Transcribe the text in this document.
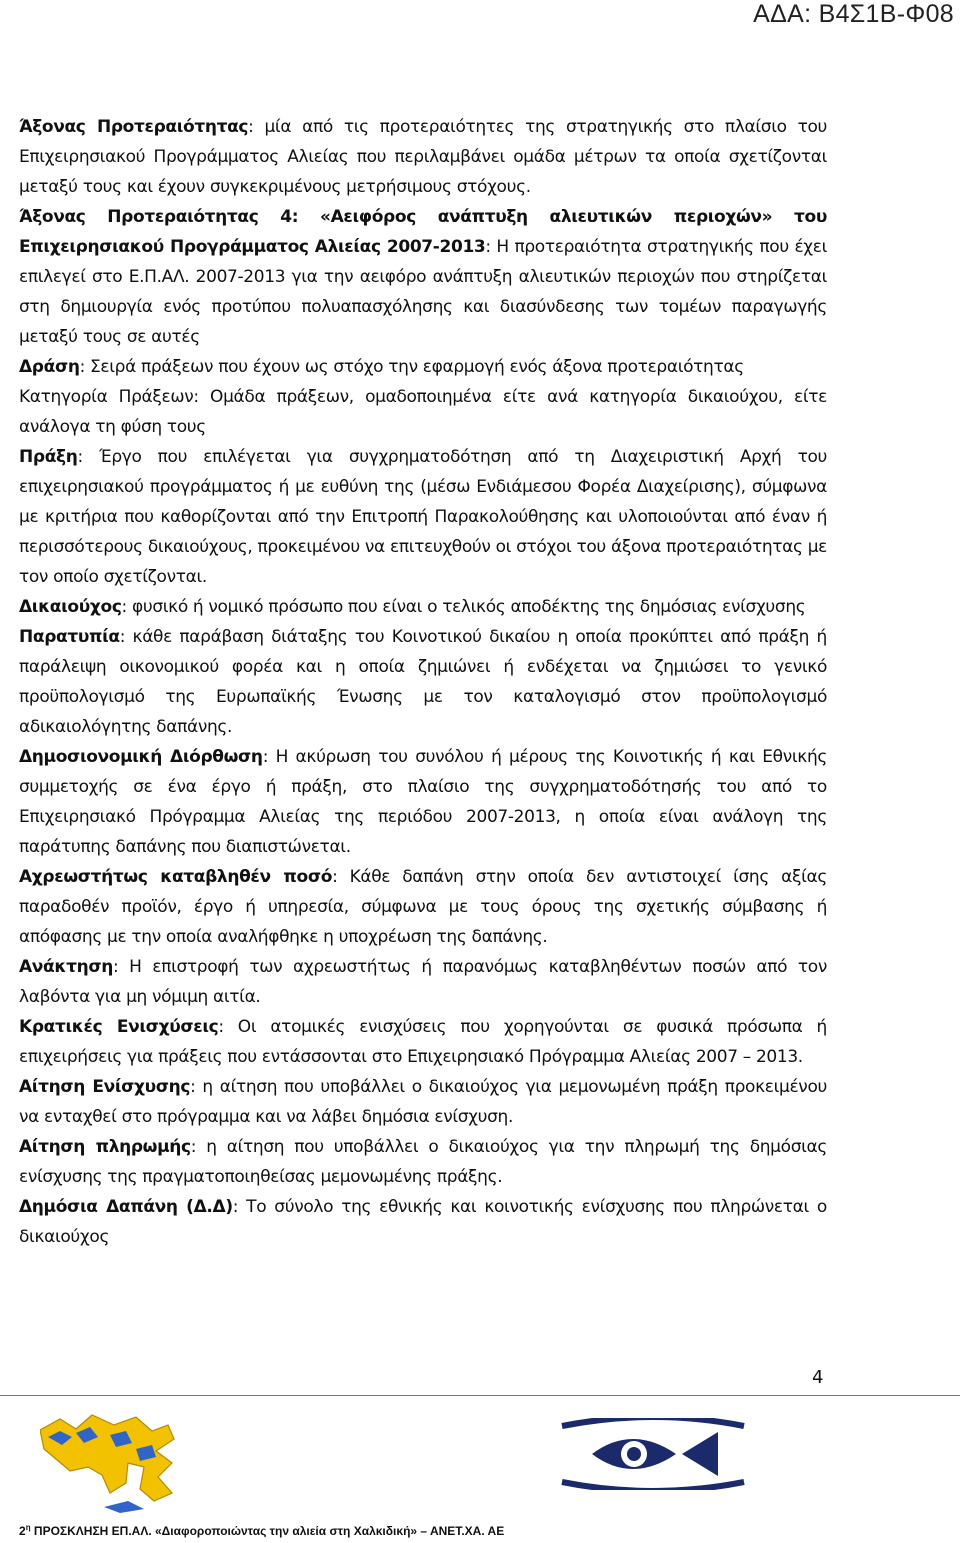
ΑΔΑ: Β4Σ1Β-Φ08

Άξονας Προτεραιότητας: μία από τις προτεραιότητες της στρατηγικής στο πλαίσιο του Επιχειρησιακού Προγράμματος Αλιείας που περιλαμβάνει ομάδα μέτρων τα οποία σχετίζονται μεταξύ τους και έχουν συγκεκριμένους μετρήσιμους στόχους.

Άξονας Προτεραιότητας 4: «Αειφόρος ανάπτυξη αλιευτικών περιοχών» του Επιχειρησιακού Προγράμματος Αλιείας 2007-2013: Η προτεραιότητα στρατηγικής που έχει επιλεγεί στο Ε.Π.ΑΛ. 2007-2013 για την αειφόρο ανάπτυξη αλιευτικών περιοχών που στηρίζεται στη δημιουργία ενός προτύπου πολυαπασχόλησης και διασύνδεσης των τομέων παραγωγής μεταξύ τους σε αυτές

Δράση: Σειρά πράξεων που έχουν ως στόχο την εφαρμογή ενός άξονα προτεραιότητας

Κατηγορία Πράξεων: Ομάδα πράξεων, ομαδοποιημένα είτε ανά κατηγορία δικαιούχου, είτε ανάλογα τη φύση τους

Πράξη: Έργο που επιλέγεται για συγχρηματοδότηση από τη Διαχειριστική Αρχή του επιχειρησιακού προγράμματος ή με ευθύνη της (μέσω Ενδιάμεσου Φορέα Διαχείρισης), σύμφωνα με κριτήρια που καθορίζονται από την Επιτροπή Παρακολούθησης και υλοποιούνται από έναν ή περισσότερους δικαιούχους, προκειμένου να επιτευχθούν οι στόχοι του άξονα προτεραιότητας με τον οποίο σχετίζονται.

Δικαιούχος: φυσικό ή νομικό πρόσωπο που είναι ο τελικός αποδέκτης της δημόσιας ενίσχυσης

Παρατυπία: κάθε παράβαση διάταξης του Κοινοτικού δικαίου η οποία προκύπτει από πράξη ή παράλειψη οικονομικού φορέα και η οποία ζημιώνει ή ενδέχεται να ζημιώσει το γενικό προϋπολογισμό της Ευρωπαϊκής Ένωσης με τον καταλογισμό στον προϋπολογισμό αδικαιολόγητης δαπάνης.

Δημοσιονομική Διόρθωση: Η ακύρωση του συνόλου ή μέρους της Κοινοτικής ή και Εθνικής συμμετοχής σε ένα έργο ή πράξη, στο πλαίσιο της συγχρηματοδότησής του από το Επιχειρησιακό Πρόγραμμα Αλιείας της περιόδου 2007-2013, η οποία είναι ανάλογη της παράτυπης δαπάνης που διαπιστώνεται.

Αχρεωστήτως καταβληθέν ποσό: Κάθε δαπάνη στην οποία δεν αντιστοιχεί ίσης αξίας παραδοθέν προϊόν, έργο ή υπηρεσία, σύμφωνα με τους όρους της σχετικής σύμβασης ή απόφασης με την οποία αναλήφθηκε η υποχρέωση της δαπάνης.

Ανάκτηση: Η επιστροφή των αχρεωστήτως ή παρανόμως καταβληθέντων ποσών από τον λαβόντα για μη νόμιμη αιτία.

Κρατικές Ενισχύσεις: Οι ατομικές ενισχύσεις που χορηγούνται σε φυσικά πρόσωπα ή επιχειρήσεις για πράξεις που εντάσσονται στο Επιχειρησιακό Πρόγραμμα Αλιείας 2007 – 2013.

Αίτηση Ενίσχυσης: η αίτηση που υποβάλλει ο δικαιούχος για μεμονωμένη πράξη προκειμένου να ενταχθεί στο πρόγραμμα και να λάβει δημόσια ενίσχυση.

Αίτηση πληρωμής: η αίτηση που υποβάλλει ο δικαιούχος για την πληρωμή της δημόσιας ενίσχυσης της πραγματοποιηθείσας μεμονωμένης πράξης.

Δημόσια Δαπάνη (Δ.Δ): Το σύνολο της εθνικής και κοινοτικής ενίσχυσης που πληρώνεται ο δικαιούχος

4
$2^\eta$ ΠΡΟΣΚΛΗΣΗ ΕΠ.ΑΛ. «Διαφοροποιώντας την αλιεία στη Χαλκιδική» – ΑΝΕΤ.ΧΑ. ΑΕ
